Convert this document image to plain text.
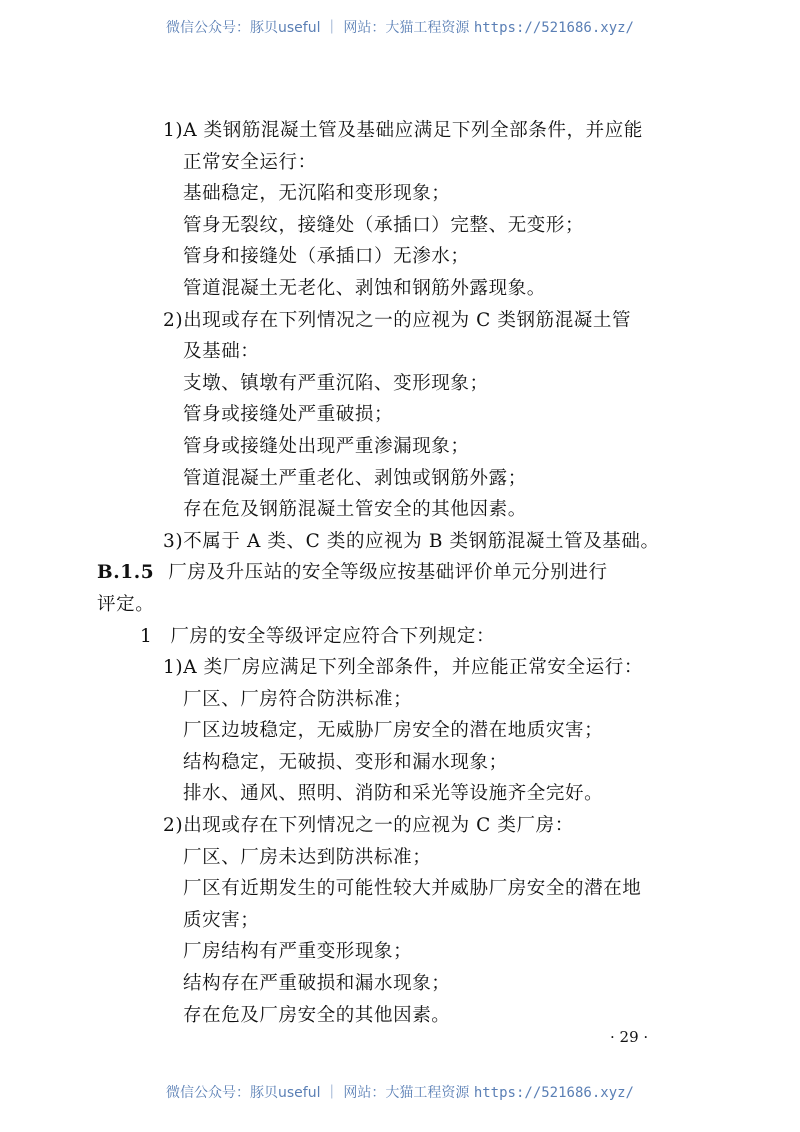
微信公众号：豚贝useful ｜ 网站：大猫工程资源 https://521686.xyz/
1)A 类钢筋混凝土管及基础应满足下列全部条件，并应能
正常安全运行：
基础稳定，无沉陷和变形现象；
管身无裂纹，接缝处（承插口）完整、无变形；
管身和接缝处（承插口）无渗水；
管道混凝土无老化、剥蚀和钢筋外露现象。
2)出现或存在下列情况之一的应视为 C 类钢筋混凝土管
及基础：
支墩、镇墩有严重沉陷、变形现象；
管身或接缝处严重破损；
管身或接缝处出现严重渗漏现象；
管道混凝土严重老化、剥蚀或钢筋外露；
存在危及钢筋混凝土管安全的其他因素。
3)不属于 A 类、C 类的应视为 B 类钢筋混凝土管及基础。
B.1.5 厂房及升压站的安全等级应按基础评价单元分别进行
评定。
1 厂房的安全等级评定应符合下列规定：
1)A 类厂房应满足下列全部条件，并应能正常安全运行：
厂区、厂房符合防洪标准；
厂区边坡稳定，无威胁厂房安全的潜在地质灾害；
结构稳定，无破损、变形和漏水现象；
排水、通风、照明、消防和采光等设施齐全完好。
2)出现或存在下列情况之一的应视为 C 类厂房：
厂区、厂房未达到防洪标准；
厂区有近期发生的可能性较大并威胁厂房安全的潜在地
质灾害；
厂房结构有严重变形现象；
结构存在严重破损和漏水现象；
存在危及厂房安全的其他因素。
· 29 ·
微信公众号：豚贝useful ｜ 网站：大猫工程资源 https://521686.xyz/
